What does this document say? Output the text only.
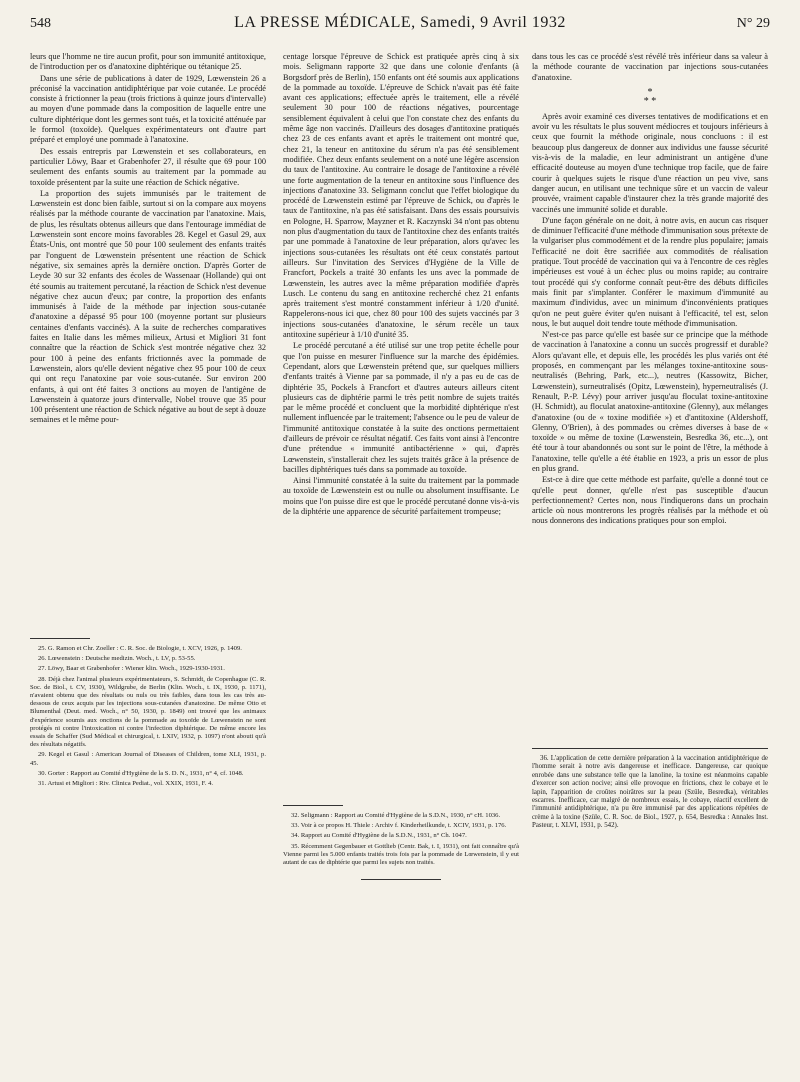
548	LA PRESSE MÉDICALE, Samedi, 9 Avril 1932	N° 29

leurs que l'homme ne tire aucun profit, pour son immunité antitoxique, de l'introduction per os d'anatoxine diphtérique ou tétanique 25.

Dans une série de publications à dater de 1929, Lœwenstein 26 a préconisé la vaccination antidiphtérique par voie cutanée. Le procédé consiste à frictionner la peau (trois frictions à quinze jours d'intervalle) au moyen d'une pommade dans la composition de laquelle entre une culture diphtérique dont les germes sont tués, et la toxicité atténuée par le formol (toxoïde). Quelques expérimentateurs ont d'autre part préparé et employé une pommade à l'anatoxine.

Des essais entrepris par Lœwenstein et ses collaborateurs, en particulier Löwy, Baar et Grabenhofer 27, il résulte que 69 pour 100 seulement des enfants soumis au traitement par la pommade au toxoïde présentent par la suite une réaction de Schick négative.

La proportion des sujets immunisés par le traitement de Lœwenstein est donc bien faible, surtout si on la compare aux moyens réalisés par la méthode courante de vaccination par l'anatoxine. Mais, de plus, les résultats obtenus ailleurs que dans l'entourage immédiat de Lœwenstein sont encore moins favorables 28. Kegel et Gasul 29, aux États-Unis, ont montré que 50 pour 100 seulement des enfants traités par l'onguent de Lœwenstein présentent une réaction de Schick négative, six semaines après la dernière onction. D'après Gorter de Leyde 30 sur 32 enfants des écoles de Wassenaar (Hollande) qui ont été soumis au traitement percutané, la réaction de Schick n'est devenue négative chez aucun d'eux; par contre, la proportion des enfants immunisés à l'aide de la méthode par injection sous-cutanée d'anatoxine a dépassé 95 pour 100 (moyenne portant sur plusieurs centaines d'enfants vaccinés). A la suite de recherches comparatives faites en Italie dans les mêmes milieux, Artusi et Migliori 31 font connaître que la réaction de Schick s'est montrée négative chez 32 pour 100 à peine des enfants frictionnés avec la pommade de Lœwenstein, alors qu'elle devient négative chez 95 pour 100 de ceux qui ont reçu l'anatoxine par voie sous-cutanée. Sur environ 200 enfants, à qui ont été faites 3 onctions au moyen de l'antigène de Lœwenstein à quatorze jours d'intervalle, Nobel trouve que 35 pour 100 présentent une réaction de Schick négative au bout de sept à douze semaines et le même pour-

25. G. Ramon et Chr. Zoeller : C. R. Soc. de Biologie, t. XCV, 1926, p. 1409.

26. Lœwenstein : Deutsche medizin. Woch., t. LV, p. 53-55.

27. Löwy, Baar et Grabenhofer : Wiener klin. Woch., 1929-1930-1931.

28. Déjà chez l'animal plusieurs expérimentateurs, S. Schmidt, de Copenhague (C. R. Soc. de Biol., t. CV, 1930), Wildgrube, de Berlin (Klin. Woch., t. IX, 1930, p. 1171), n'avaient obtenu que des résultats ou nuls ou très faibles, dans tous les cas très au-dessous de ceux acquis par les injections sous-cutanées d'anatoxine. De même Otto et Blumenthal (Deut. med. Woch., n° 50, 1930, p. 1849) ont trouvé que les animaux d'expérience soumis aux onctions de la pommade au toxoïde de Lœwenstein ne sont protégés ni contre l'intoxication ni contre l'infection diphtérique. De même encore les essais de Schaffer (Sud Médical et chirurgical, t. LXIV, 1932, p. 1097) n'ont abouti qu'à des résultats négatifs.

29. Kegel et Gasul : American Journal of Diseases of Children, tome XLI, 1931, p. 45.

30. Gorter : Rapport au Comité d'Hygiène de la S. D. N., 1931, n° 4, cf. 1048.

31. Artusi et Migliori : Riv. Clinica Pediat., vol. XXIX, 1931, F. 4.

centage lorsque l'épreuve de Schick est pratiquée après cinq à six mois. Seligmann rapporte 32 que dans une colonie d'enfants (à Borgsdorf près de Berlin), 150 enfants ont été soumis aux applications de la pommade au toxoïde. L'épreuve de Schick n'avait pas été faite avant ces applications; effectuée après le traitement, elle a révélé seulement 30 pour 100 de réactions négatives, pourcentage sensiblement équivalent à celui que l'on constate chez des enfants du même âge non vaccinés. D'ailleurs des dosages d'antitoxine pratiqués chez 23 de ces enfants avant et après le traitement ont montré que, chez 21, la teneur en antitoxine du sérum n'a pas été sensiblement modifiée. Chez deux enfants seulement on a noté une légère ascension du taux de l'antitoxine. Au contraire le dosage de l'antitoxine a révélé une forte augmentation de la teneur en antitoxine sous l'influence des injections d'anatoxine 33. Seligmann conclut que l'effet biologique du procédé de Lœwenstein estimé par l'épreuve de Schick, ou d'après le taux de l'antitoxine, n'a pas été satisfaisant. Dans des essais poursuivis en Pologne, H. Sparrow, Mayzner et R. Kaczynski 34 n'ont pas obtenu non plus d'augmentation du taux de l'antitoxine chez des enfants traités par une pommade à l'anatoxine de leur préparation, alors qu'avec les injections sous-cutanées les résultats ont été ceux constatés partout ailleurs. Sur l'invitation des Services d'Hygiène de la Ville de Francfort, Pockels a traité 30 enfants les uns avec la pommade de Lœwenstein, les autres avec la même préparation modifiée d'après Lusch. Le contenu du sang en antitoxine recherché chez 21 enfants après traitement s'est montré constamment inférieur à 1/20 d'unité. Rappelerons-nous ici que, chez 80 pour 100 des sujets vaccinés par 3 injections sous-cutanées d'anatoxine, le sérum recèle un taux antitoxine supérieur à 1/10 d'unité 35.

Le procédé percutané a été utilisé sur une trop petite échelle pour que l'on puisse en mesurer l'influence sur la marche des épidémies. Cependant, alors que Lœwenstein prétend que, sur quelques milliers d'enfants traités à Vienne par sa pommade, il n'y a pas eu de cas de diphtérie 35, Pockels à Francfort et d'autres auteurs ailleurs citent plusieurs cas de diphtérie parmi le très petit nombre de sujets traités par le même procédé et concluent que la morbidité diphtérique n'est nullement influencée par le traitement; l'absence ou le peu de valeur de l'immunité antitoxique constatée à la suite des onctions permettaient d'ailleurs de prévoir ce résultat négatif. Ces faits vont ainsi à l'encontre d'une prétendue « immunité antibactérienne » qui, d'après Lœwenstein, s'installerait chez les sujets traités grâce à la présence de bacilles diphtériques tués dans sa pommade au toxoïde.

Ainsi l'immunité constatée à la suite du traitement par la pommade au toxoïde de Lœwenstein est ou nulle ou absolument insuffisante. Le moins que l'on puisse dire est que le procédé percutané donne vis-à-vis de la diphtérie une apparence de sécurité parfaitement trompeuse;

32. Seligmann : Rapport au Comité d'Hygiène de la S.D.N., 1930, n° cH. 1036.

33. Voir à ce propos H. Thiele : Archiv f. Kinderheilkunde, t. XCIV, 1931, p. 176.

34. Rapport au Comité d'Hygiène de la S.D.N., 1931, n° Ch. 1047.

35. Récemment Gegenbauer et Gottlieb (Centr. Bak, t. I, 1931), ont fait connaître qu'à Vienne parmi les 5.000 enfants traités trois fois par la pommade de Lœwenstein, il y eut autant de cas de diphtérie que parmi les sujets non traités.

dans tous les cas ce procédé s'est révélé très inférieur dans sa valeur à la méthode courante de vaccination par injections sous-cutanées d'anatoxine.

*
* *

Après avoir examiné ces diverses tentatives de modifications et en avoir vu les résultats le plus souvent médiocres et toujours inférieurs à ceux que fournit la méthode originale, nous concluons : il est beaucoup plus dangereux de donner aux individus une fausse sécurité vis-à-vis de la maladie, en leur administrant un antigène d'une efficacité douteuse au moyen d'une technique trop facile, que de faire courir à quelques sujets le risque d'une réaction un peu vive, sans danger aucun, en utilisant une technique sûre et un vaccin de valeur prouvée, vraiment capable d'instaurer chez la très grande majorité des vaccinés une immunité solide et durable.

D'une façon générale on ne doit, à notre avis, en aucun cas risquer de diminuer l'efficacité d'une méthode d'immunisation sous prétexte de la vulgariser plus commodément et de la rendre plus populaire; jamais l'efficacité ne doit être sacrifiée aux commodités de réalisation pratique. Tout procédé de vaccination qui va à l'encontre de ces règles impérieuses est voué à un échec plus ou moins rapide; au contraire tout procédé qui s'y conforme connaît peut-être des débuts difficiles mais finit par s'implanter. Conférer le maximum d'immunité au maximum d'individus, avec un minimum d'inconvénients pratiques qu'on ne peut guère éviter qu'en nuisant à l'efficacité, tel est, selon nous, le but auquel doit tendre toute méthode d'immunisation.

N'est-ce pas parce qu'elle est basée sur ce principe que la méthode de vaccination à l'anatoxine a connu un succès progressif et durable? Alors qu'avant elle, et depuis elle, les procédés les plus variés ont été proposés, en commençant par les mélanges toxine-antitoxine sous-neutralisés (Behring, Park, etc...), neutres (Kassowitz, Bicher, Lœwenstein), surneutralisés (Opitz, Lœwenstein), hyperneutralisés (J. Renault, P.-P. Lévy) pour arriver jusqu'au floculat toxine-antitoxine (H. Schmidt), au floculat anatoxine-antitoxine (Glenny), aux mélanges d'anatoxine (ou de « toxine modifiée ») et d'antitoxine (Aldershoff, Glenny, O'Brien), à des pommades ou crèmes diverses à base de « toxoïde » ou même de toxine (Lœwenstein, Besredka 36, etc...), ont été tour à tour abandonnés ou sont sur le point de l'être, la méthode à l'anatoxine, telle qu'elle a été établie en 1923, a pris un essor de plus en plus grand.

Est-ce à dire que cette méthode est parfaite, qu'elle a donné tout ce qu'elle peut donner, qu'elle n'est pas susceptible d'aucun perfectionnement? Certes non, nous l'indiquerons dans un prochain article où nous montrerons les progrès réalisés par la méthode et où nous donnerons des indications pratiques pour son emploi.

36. L'application de cette dernière préparation à la vaccination antidiphtérique de l'homme serait à notre avis dangereuse et inefficace. Dangereuse, car quoique enrobée dans une substance telle que la lanoline, la toxine est néanmoins capable d'exercer son action nocive; ainsi elle provoque en frictions, chez le cobaye et le lapin, l'apparition de croûtes noirâtres sur la peau (Szüle, Besredka), véritables escarres. Inefficace, car malgré de nombreux essais, le cobaye, réactif excellent de l'immunité antidiphtérique, n'a pu être immunisé par des applications répétées de crème à la toxine (Szüle, C. R. Soc. de Biol., 1927, p. 654, Besredka : Annales Inst. Pasteur, t. XLVI, 1931, p. 542).
